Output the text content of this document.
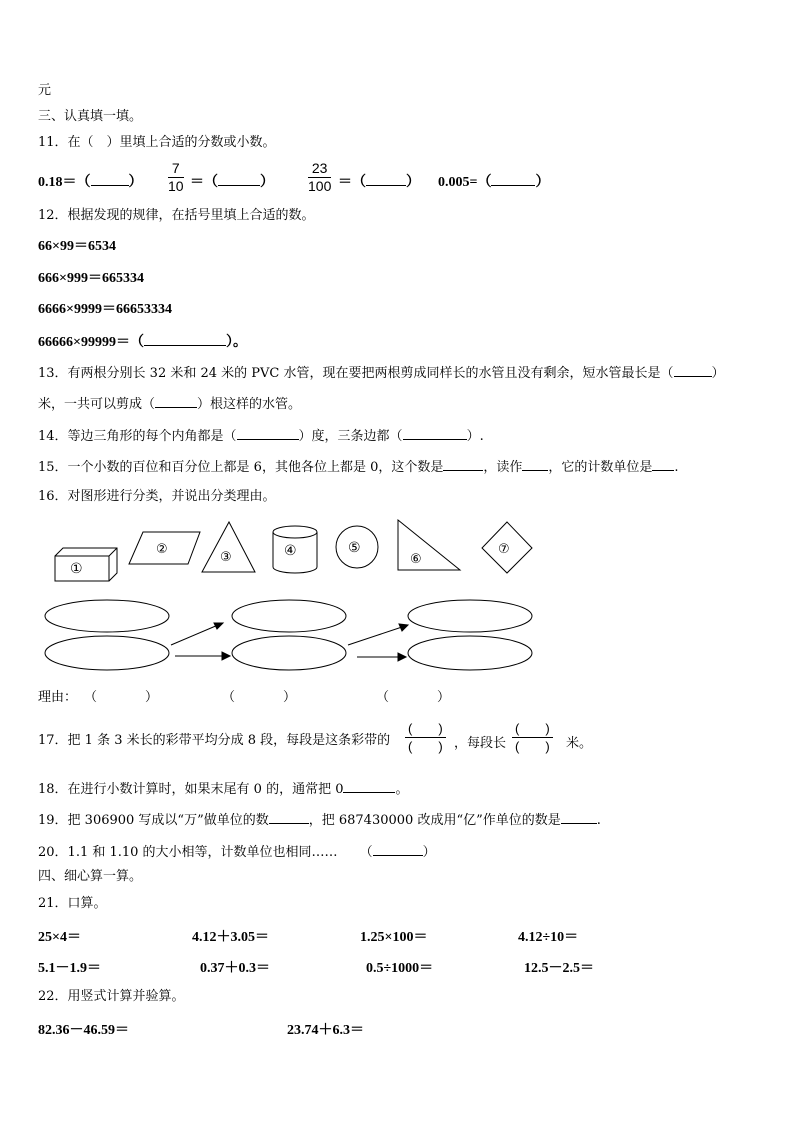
元
三、认真填一填。
11．在（　）里填上合适的分数或小数。
0.18＝（	） $\frac{7}{10}$ ＝（	） $\frac{23}{100}$ ＝（	） 0.005=（	）
12．根据发现的规律，在括号里填上合适的数。
66×99＝6534
666×999＝665334
6666×9999＝66653334
66666×99999＝（	）。
13．有两根分别长 32 米和 24 米的 PVC 水管，现在要把两根剪成同样长的水管且没有剩余，短水管最长是（	）
米，一共可以剪成（	）根这样的水管。
14．等边三角形的每个内角都是（	）度，三条边都（	）.
15．一个小数的百位和百分位上都是 6，其他各位上都是 0，这个数是	，读作 ，它的计数单位是 .
16．对图形进行分类，并说出分类理由。
①
②
③	④	⑤
⑥
⑦
理由： （	）	（	）	（	）
17．把 1 条 3 米长的彩带平均分成 8 段，每段是这条彩带的
(　　)
(　　) ，每段长
(　　)
(　　) 米。
18．在进行小数计算时，如果末尾有 0 的，通常把 0	。
19．把 306900 写成以“万”做单位的数	，把 687430000 改成用“亿”作单位的数是	.
20．1.1 和 1.10 的大小相等，计数单位也相同…… （	）
四、细心算一算。
21．口算。
25×4＝	4.12＋3.05＝	1.25×100＝	4.12÷10＝
5.1－1.9＝	0.37＋0.3＝	0.5÷1000＝	12.5－2.5＝
22．用竖式计算并验算。
82.36－46.59＝	23.74＋6.3＝
